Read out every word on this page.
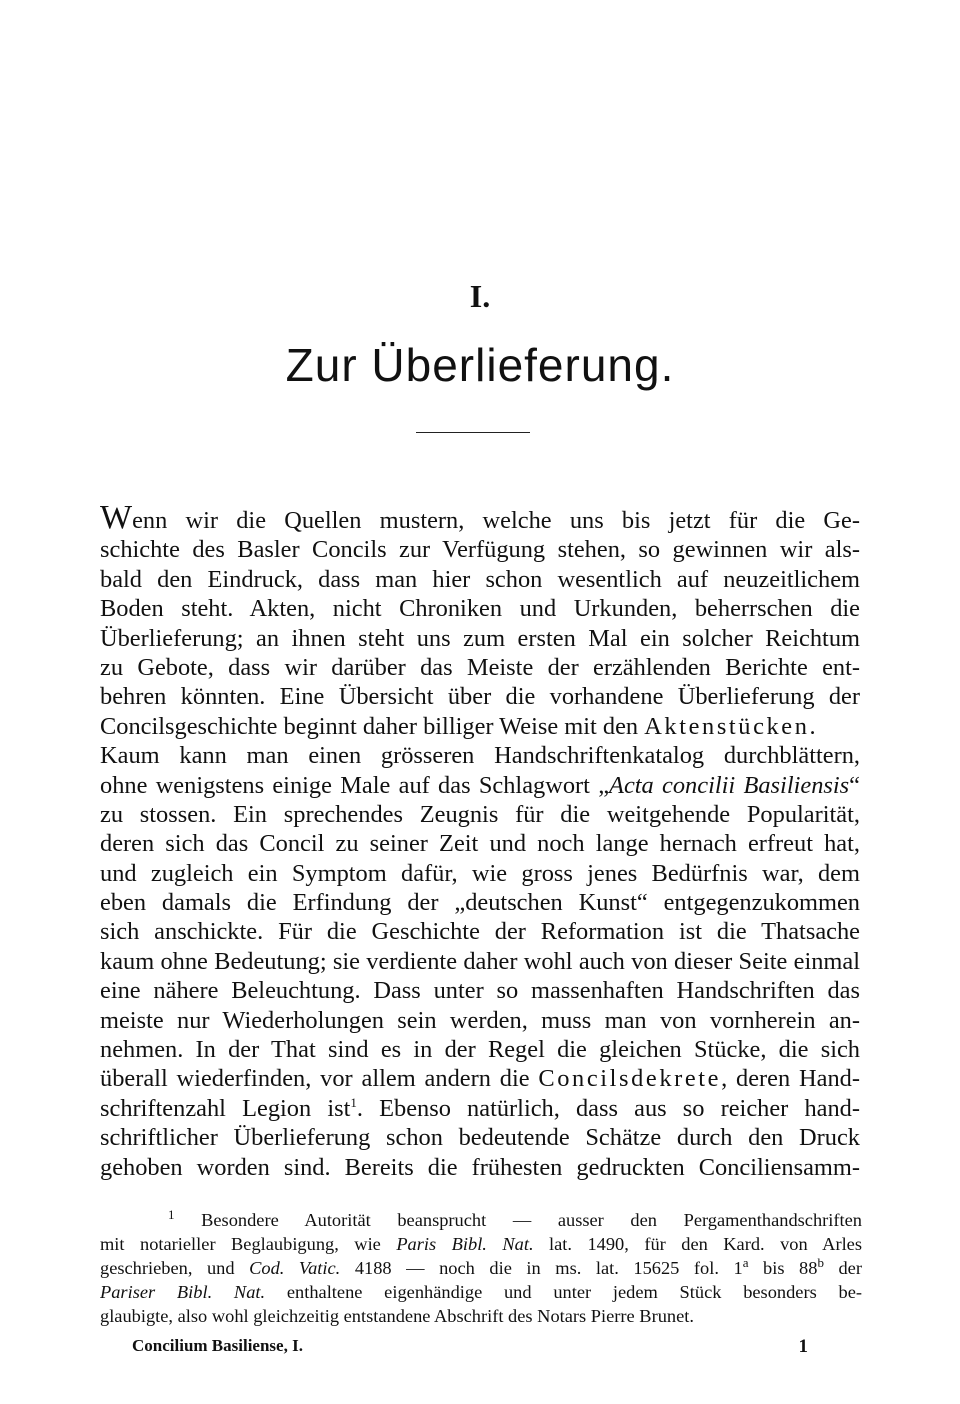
I.
Zur Überlieferung.
Wenn wir die Quellen mustern, welche uns bis jetzt für die Ge-
schichte des Basler Concils zur Verfügung stehen, so gewinnen wir als-
bald den Eindruck, dass man hier schon wesentlich auf neuzeitlichem
Boden steht. Akten, nicht Chroniken und Urkunden, beherrschen die
Überlieferung; an ihnen steht uns zum ersten Mal ein solcher Reichtum
zu Gebote, dass wir darüber das Meiste der erzählenden Berichte ent-
behren könnten. Eine Übersicht über die vorhandene Überlieferung der
Concilsgeschichte beginnt daher billiger Weise mit den Aktenstücken.
Kaum kann man einen grösseren Handschriftenkatalog durchblättern,
ohne wenigstens einige Male auf das Schlagwort „Acta concilii Basiliensis“
zu stossen. Ein sprechendes Zeugnis für die weitgehende Popularität,
deren sich das Concil zu seiner Zeit und noch lange hernach erfreut hat,
und zugleich ein Symptom dafür, wie gross jenes Bedürfnis war, dem
eben damals die Erfindung der „deutschen Kunst“ entgegenzukommen
sich anschickte. Für die Geschichte der Reformation ist die Thatsache
kaum ohne Bedeutung; sie verdiente daher wohl auch von dieser Seite einmal
eine nähere Beleuchtung. Dass unter so massenhaften Handschriften das
meiste nur Wiederholungen sein werden, muss man von vornherein an-
nehmen. In der That sind es in der Regel die gleichen Stücke, die sich
überall wiederfinden, vor allem andern die Concilsdekrete, deren Hand-
schriftenzahl Legion ist$^1$. Ebenso natürlich, dass aus so reicher hand-
schriftlicher Überlieferung schon bedeutende Schätze durch den Druck
gehoben worden sind. Bereits die frühesten gedruckten Conciliensamm-
$^1$ Besondere Autorität beansprucht — ausser den Pergamenthandschriften
mit notarieller Beglaubigung, wie Paris Bibl. Nat. lat. 1490, für den Kard. von Arles
geschrieben, und Cod. Vatic. 4188 — noch die in ms. lat. 15625 fol. 1$^a$ bis 88$^b$ der
Pariser Bibl. Nat. enthaltene eigenhändige und unter jedem Stück besonders be-
glaubigte, also wohl gleichzeitig entstandene Abschrift des Notars Pierre Brunet.
Concilium Basiliense, I.	1
